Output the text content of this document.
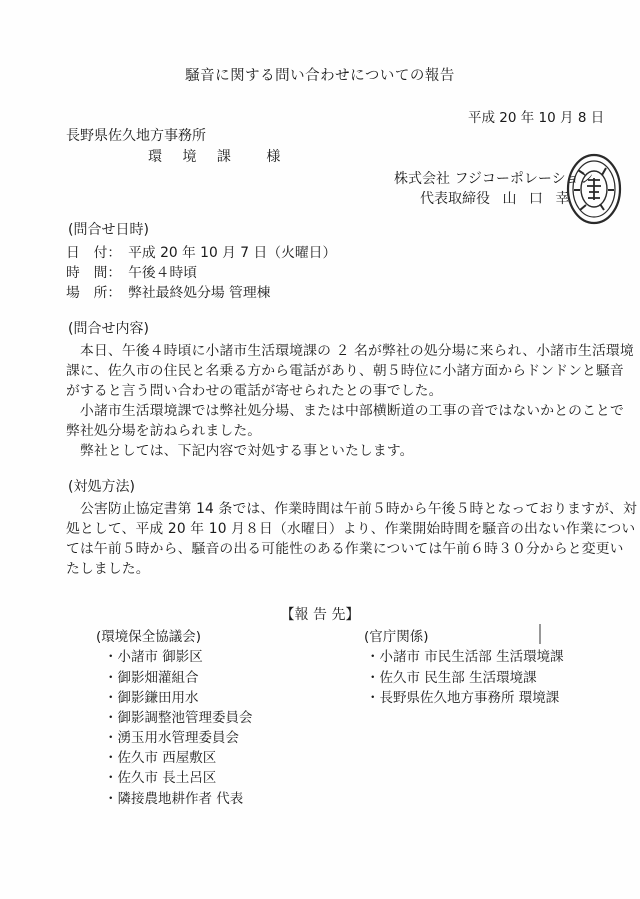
騒音に関する問い合わせについての報告
平成 20 年 10 月 8 日
長野県佐久地方事務所
環 境 課　 様
株式会社 フジコーポレーション
代表取締役 山 口 幸
(問合せ日時)
日　付：　平成 20 年 10 月 7 日（火曜日）
時　間：　午後４時頃
場　所：　弊社最終処分場 管理棟
(問合せ内容)
本日、午後４時頃に小諸市生活環境課の ２ 名が弊社の処分場に来られ、小諸市生活環境
課に、佐久市の住民と名乗る方から電話があり、朝５時位に小諸方面からドンドンと騒音
がすると言う問い合わせの電話が寄せられたとの事でした。
小諸市生活環境課では弊社処分場、または中部横断道の工事の音ではないかとのことで
弊社処分場を訪ねられました。
弊社としては、下記内容で対処する事といたします。
(対処方法)
公害防止協定書第 14 条では、作業時間は午前５時から午後５時となっておりますが、対
処として、平成 20 年 10 月８日（水曜日）より、作業開始時間を騒音の出ない作業につい
ては午前５時から、騒音の出る可能性のある作業については午前６時３０分からと変更い
たしました。
【報 告 先】
(環境保全協議会)
・小諸市 御影区
・御影畑灌組合
・御影鎌田用水
・御影調整池管理委員会
・湧玉用水管理委員会
・佐久市 西屋敷区
・佐久市 長土呂区
・隣接農地耕作者 代表
(官庁関係)
・小諸市 市民生活部 生活環境課
・佐久市 民生部 生活環境課
・長野県佐久地方事務所 環境課
